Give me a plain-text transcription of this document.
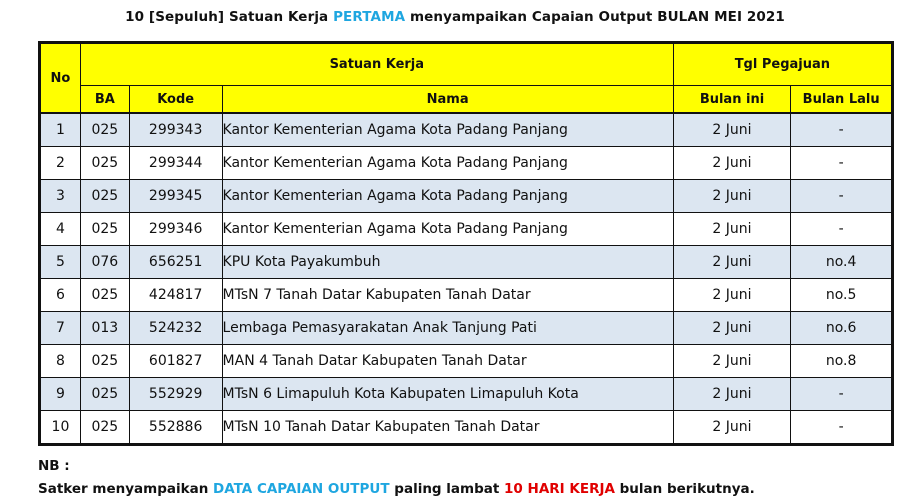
10 [Sepuluh] Satuan Kerja PERTAMA menyampaikan Capaian Output BULAN MEI 2021
No	Satuan Kerja			Tgl Pegajuan	
	BA	Kode	Nama	Bulan ini	Bulan Lalu
1	025	299343	Kantor Kementerian Agama Kota Padang Panjang	2 Juni	-
2	025	299344	Kantor Kementerian Agama Kota Padang Panjang	2 Juni	-
3	025	299345	Kantor Kementerian Agama Kota Padang Panjang	2 Juni	-
4	025	299346	Kantor Kementerian Agama Kota Padang Panjang	2 Juni	-
5	076	656251	KPU Kota Payakumbuh	2 Juni	no.4
6	025	424817	MTsN 7 Tanah Datar Kabupaten Tanah Datar	2 Juni	no.5
7	013	524232	Lembaga Pemasyarakatan Anak Tanjung Pati	2 Juni	no.6
8	025	601827	MAN 4 Tanah Datar Kabupaten Tanah Datar	2 Juni	no.8
9	025	552929	MTsN 6 Limapuluh Kota Kabupaten Limapuluh Kota	2 Juni	-
10	025	552886	MTsN 10 Tanah Datar Kabupaten Tanah Datar	2 Juni	-
NB :
Satker menyampaikan DATA CAPAIAN OUTPUT paling lambat 10 HARI KERJA bulan berikutnya.
